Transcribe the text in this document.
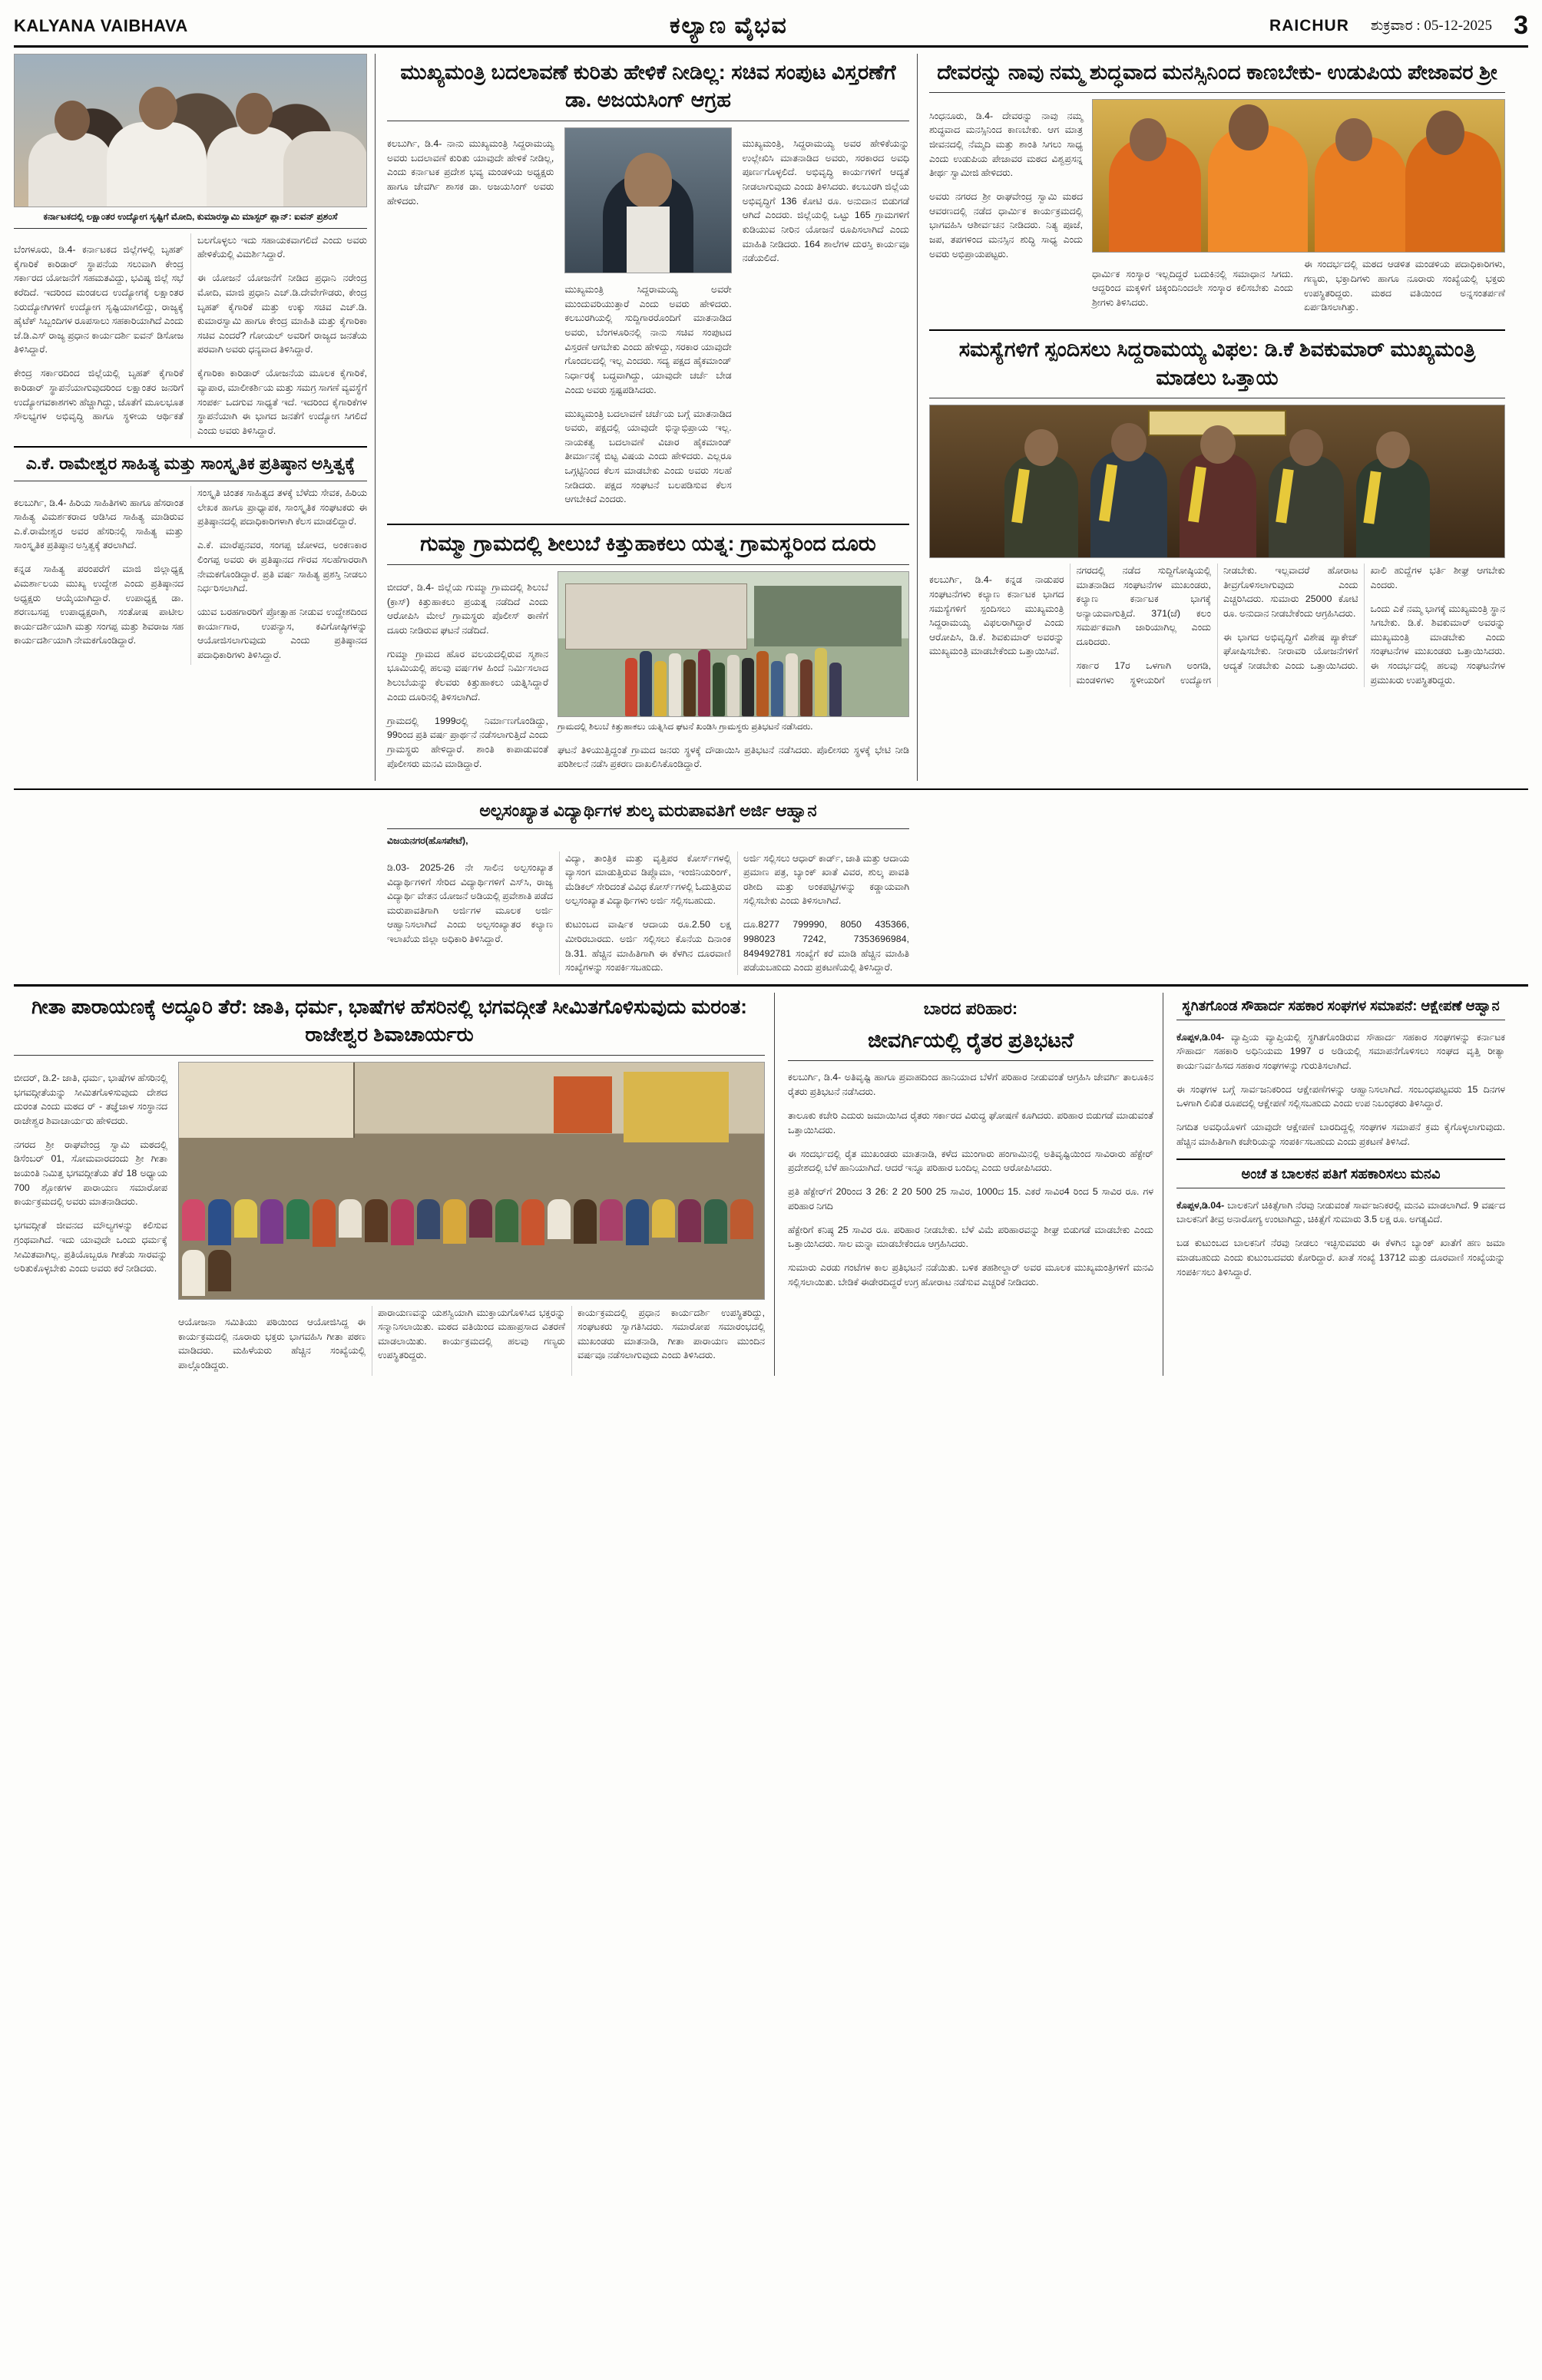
KALYANA VAIBHAVA	ಕಲ್ಯಾಣ ವೈಭವ	RAICHUR ಶುಕ್ರವಾರ : 05-12-2025 3
ಕರ್ನಾಟಕದಲ್ಲಿ ಲಕ್ಷಾಂತರ ಉದ್ಯೋಗ ಸೃಷ್ಟಿಗೆ ಮೋದಿ, ಕುಮಾರಸ್ವಾಮಿ ಮಾಸ್ಟರ್ ಪ್ಲಾನ್: ಐವನ್ ಪ್ರಶಂಸೆ

ಬೆಂಗಳೂರು, ಡಿ.4- ಕರ್ನಾಟಕದ ಜಿಲ್ಲೆಗಳಲ್ಲಿ ಬೃಹತ್ ಕೈಗಾರಿಕೆ ಕಾರಿಡಾರ್ ಸ್ಥಾಪನೆಯ ಸಲುವಾಗಿ ಕೇಂದ್ರ ಸರ್ಕಾರದ ಯೋಜನೆಗೆ ಸಹಮತವಿದ್ದು, ಭವಿಷ್ಯ ಜಿಲ್ಲೆ ಸಭೆ ಕರೆದಿದೆ. ಇದರಿಂದ ಮಂಡಲದ ಉದ್ಯೋಗಕ್ಕೆ ಲಕ್ಷಾಂತರ ನಿರುದ್ಯೋಗಿಗಳಿಗೆ ಉದ್ಯೋಗ ಸೃಷ್ಟಿಯಾಗಲಿದ್ದು, ರಾಜ್ಯಕ್ಕೆ ಹೈಟೆಕ್ ಸಿಬ್ಬಂದಿಗಳ ರೂಪಸಾಲು ಸಹಕಾರಿಯಾಗಿದೆ ಎಂದು ಜೆ.ಡಿ.ಎಸ್ ರಾಜ್ಯ ಪ್ರಧಾನ ಕಾರ್ಯದರ್ಶಿ ಐವನ್ ಡಿಸೋಜ ತಿಳಿಸಿದ್ದಾರೆ.

ಕೇಂದ್ರ ಸರ್ಕಾರದಿಂದ ಜಿಲ್ಲೆಯಲ್ಲಿ ಬೃಹತ್ ಕೈಗಾರಿಕೆ ಕಾರಿಡಾರ್ ಸ್ಥಾಪನೆಯಾಗುವುದರಿಂದ ಲಕ್ಷಾಂತರ ಜನರಿಗೆ ಉದ್ಯೋಗವಕಾಶಗಳು ಹೆಚ್ಚಾಗಿದ್ದು, ಜೊತೆಗೆ ಮೂಲಭೂತ ಸೌಲಭ್ಯಗಳ ಅಭಿವೃದ್ಧಿ ಹಾಗೂ ಸ್ಥಳೀಯ ಆರ್ಥಿಕತೆ ಬಲಗೊಳ್ಳಲು ಇದು ಸಹಾಯಕವಾಗಲಿದೆ ಎಂದು ಅವರು ಹೇಳಿಕೆಯಲ್ಲಿ ವಿಮರ್ಶಿಸಿದ್ದಾರೆ.

ಈ ಯೋಜನೆ ಯೋಜನೆಗೆ ನೀಡಿದ ಪ್ರಧಾನಿ ನರೇಂದ್ರ ಮೋದಿ, ಮಾಜಿ ಪ್ರಧಾನಿ ಎಚ್.ಡಿ.ದೇವೇಗೌಡರು, ಕೇಂದ್ರ ಬೃಹತ್ ಕೈಗಾರಿಕೆ ಮತ್ತು ಉಕ್ಕು ಸಚಿವ ಎಚ್.ಡಿ. ಕುಮಾರಸ್ವಾಮಿ ಹಾಗೂ ಕೇಂದ್ರ ಮಾಹಿತಿ ಮತ್ತು ಕೈಗಾರಿಕಾ ಸಚಿವ ಎಂದರೆ? ಗೋಯಲ್ ಅವರಿಗೆ ರಾಜ್ಯದ ಜನತೆಯ ಪರವಾಗಿ ಅವರು ಧನ್ಯವಾದ ತಿಳಿಸಿದ್ದಾರೆ.

ಕೈಗಾರಿಕಾ ಕಾರಿಡಾರ್ ಯೋಜನೆಯ ಮೂಲಕ ಕೈಗಾರಿಕೆ, ವ್ಯಾಪಾರ, ಮಾಲೀಕರ್ಶಿಯ ಮತ್ತು ಸಮಗ್ರ ಸಾಗಣೆ ವ್ಯವಸ್ಥೆಗೆ ಸಂಪರ್ಕ ಒದಗುವ ಸಾಧ್ಯತೆ ಇದೆ. ಇದರಿಂದ ಕೈಗಾರಿಕೆಗಳ ಸ್ಥಾಪನೆಯಾಗಿ ಈ ಭಾಗದ ಜನತೆಗೆ ಉದ್ಯೋಗ ಸಿಗಲಿದೆ ಎಂದು ಅವರು ತಿಳಿಸಿದ್ದಾರೆ.

ಎ.ಕೆ. ರಾಮೇಶ್ವರ ಸಾಹಿತ್ಯ ಮತ್ತು ಸಾಂಸ್ಕೃತಿಕ ಪ್ರತಿಷ್ಠಾನ ಅಸ್ತಿತ್ವಕ್ಕೆ

ಕಲಬುರ್ಗಿ, ಡಿ.4- ಹಿರಿಯ ಸಾಹಿತಿಗಳು ಹಾಗೂ ಹೆಸರಾಂತ ಸಾಹಿತ್ಯ ವಿಮರ್ಶಕರಾದ ಆಡಿಸಿದ ಸಾಹಿತ್ಯ ಮಾಡಿರುವ ಎ.ಕೆ.ರಾಮೇಶ್ವರ ಅವರ ಹೆಸರಿನಲ್ಲಿ ಸಾಹಿತ್ಯ ಮತ್ತು ಸಾಂಸ್ಕೃತಿಕ ಪ್ರತಿಷ್ಠಾನ ಅಸ್ತಿತ್ವಕ್ಕೆ ತರಲಾಗಿದೆ.

ಕನ್ನಡ ಸಾಹಿತ್ಯ ಪರಂಪರೆಗೆ ಮಾಜಿ ಜಿಲ್ಲಾಧ್ಯಕ್ಷ ವಿಮರ್ಶಾಲಯ ಮುಖ್ಯ ಉದ್ದೇಶ ಎಂದು ಪ್ರತಿಷ್ಠಾನದ ಅಧ್ಯಕ್ಷರು ಆಯ್ಕೆಯಾಗಿದ್ದಾರೆ. ಉಪಾಧ್ಯಕ್ಷ ಡಾ. ಶರಣಬಸಪ್ಪ ಉಪಾಧ್ಯಕ್ಷರಾಗಿ, ಸಂತೋಷ ಪಾಟೀಲ ಕಾರ್ಯದರ್ಶಿಯಾಗಿ ಮತ್ತು ಸಂಗಪ್ಪ ಮತ್ತು ಶಿವರಾಜ ಸಹ ಕಾರ್ಯದರ್ಶಿಯಾಗಿ ನೇಮಕಗೊಂಡಿದ್ದಾರೆ.

ಸಂಸ್ಕೃತಿ ಚಿಂತಕ ಸಾಹಿತ್ಯದ ತಳಕ್ಕೆ ಬೆಳೆದು ಸೇವಕ, ಹಿರಿಯ ಲೇಖಕ ಹಾಗೂ ಪ್ರಾಧ್ಯಾಪಕ, ಸಾಂಸ್ಕೃತಿಕ ಸಂಘಟಕರು ಈ ಪ್ರತಿಷ್ಠಾನದಲ್ಲಿ ಪದಾಧಿಕಾರಿಗಳಾಗಿ ಕೆಲಸ ಮಾಡಲಿದ್ದಾರೆ.

ಎ.ಕೆ. ಮಾರೆಪ್ಪನವರ, ಸಂಗಪ್ಪ ಜೋಳದ, ಅಂಕಣಕಾರ ಲಿಂಗಪ್ಪ ಅವರು ಈ ಪ್ರತಿಷ್ಠಾನದ ಗೌರವ ಸಲಹೆಗಾರರಾಗಿ ನೇಮಕಗೊಂಡಿದ್ದಾರೆ. ಪ್ರತಿ ವರ್ಷ ಸಾಹಿತ್ಯ ಪ್ರಶಸ್ತಿ ನೀಡಲು ನಿರ್ಧರಿಸಲಾಗಿದೆ.

ಯುವ ಬರಹಗಾರರಿಗೆ ಪ್ರೋತ್ಸಾಹ ನೀಡುವ ಉದ್ದೇಶದಿಂದ ಕಾರ್ಯಾಗಾರ, ಉಪನ್ಯಾಸ, ಕವಿಗೋಷ್ಠಿಗಳನ್ನು ಆಯೋಜಿಸಲಾಗುವುದು ಎಂದು ಪ್ರತಿಷ್ಠಾನದ ಪದಾಧಿಕಾರಿಗಳು ತಿಳಿಸಿದ್ದಾರೆ.

ಮುಖ್ಯಮಂತ್ರಿ ಬದಲಾವಣೆ ಕುರಿತು ಹೇಳಿಕೆ ನೀಡಿಲ್ಲ: ಸಚಿವ ಸಂಪುಟ ವಿಸ್ತರಣೆಗೆ ಡಾ. ಅಜಯಸಿಂಗ್ ಆಗ್ರಹ

ಕಲಬುರ್ಗಿ, ಡಿ.4- ನಾನು ಮುಖ್ಯಮಂತ್ರಿ ಸಿದ್ದರಾಮಯ್ಯ ಅವರು ಬದಲಾವಣೆ ಕುರಿತು ಯಾವುದೇ ಹೇಳಿಕೆ ನೀಡಿಲ್ಲ, ಎಂದು ಕರ್ನಾಟಕ ಪ್ರದೇಶ ಭವ್ಯ ಮಂಡಳಿಯ ಅಧ್ಯಕ್ಷರು ಹಾಗೂ ಜೇವರ್ಗಿ ಶಾಸಕ ಡಾ. ಅಜಯಸಿಂಗ್ ಅವರು ಹೇಳಿದರು.

ಮುಖ್ಯಮಂತ್ರಿ ಸಿದ್ದರಾಮಯ್ಯ ಅವರೇ ಮುಂದುವರಿಯುತ್ತಾರೆ ಎಂದು ಅವರು ಹೇಳಿದರು. ಕಲಬುರಗಿಯಲ್ಲಿ ಸುದ್ದಿಗಾರರೊಂದಿಗೆ ಮಾತನಾಡಿದ ಅವರು, ಬೆಂಗಳೂರಿನಲ್ಲಿ ನಾನು ಸಚಿವ ಸಂಪುಟದ ವಿಸ್ತರಣೆ ಆಗಬೇಕು ಎಂದು ಹೇಳಿದ್ದು, ಸರಕಾರ ಯಾವುದೇ ಗೊಂದಲದಲ್ಲಿ ಇಲ್ಲ ಎಂದರು. ಸದ್ಯ ಪಕ್ಷದ ಹೈಕಮಾಂಡ್ ನಿರ್ಧಾರಕ್ಕೆ ಬದ್ಧವಾಗಿದ್ದು, ಯಾವುದೇ ಚರ್ಚೆ ಬೇಡ ಎಂದು ಅವರು ಸ್ಪಷ್ಟಪಡಿಸಿದರು.

ಮುಖ್ಯಮಂತ್ರಿ ಬದಲಾವಣೆ ಚರ್ಚೆಯ ಬಗ್ಗೆ ಮಾತನಾಡಿದ ಅವರು, ಪಕ್ಷದಲ್ಲಿ ಯಾವುದೇ ಭಿನ್ನಾಭಿಪ್ರಾಯ ಇಲ್ಲ. ನಾಯಕತ್ವ ಬದಲಾವಣೆ ವಿಚಾರ ಹೈಕಮಾಂಡ್ ತೀರ್ಮಾನಕ್ಕೆ ಬಿಟ್ಟ ವಿಷಯ ಎಂದು ಹೇಳಿದರು. ಎಲ್ಲರೂ ಒಗ್ಗಟ್ಟಿನಿಂದ ಕೆಲಸ ಮಾಡಬೇಕು ಎಂದು ಅವರು ಸಲಹೆ ನೀಡಿದರು. ಪಕ್ಷದ ಸಂಘಟನೆ ಬಲಪಡಿಸುವ ಕೆಲಸ ಆಗಬೇಕಿದೆ ಎಂದರು.

ಮುಖ್ಯಮಂತ್ರಿ, ಸಿದ್ದರಾಮಯ್ಯ ಅವರ ಹೇಳಿಕೆಯನ್ನು ಉಲ್ಲೇಖಿಸಿ ಮಾತನಾಡಿದ ಅವರು, ಸರಕಾರದ ಅವಧಿ ಪೂರ್ಣಗೊಳ್ಳಲಿದೆ. ಅಭಿವೃದ್ಧಿ ಕಾರ್ಯಗಳಿಗೆ ಆದ್ಯತೆ ನೀಡಲಾಗುವುದು ಎಂದು ತಿಳಿಸಿದರು. ಕಲಬುರಗಿ ಜಿಲ್ಲೆಯ ಅಭಿವೃದ್ಧಿಗೆ 136 ಕೋಟಿ ರೂ. ಅನುದಾನ ಬಿಡುಗಡೆ ಆಗಿದೆ ಎಂದರು. ಜಿಲ್ಲೆಯಲ್ಲಿ ಒಟ್ಟು 165 ಗ್ರಾಮಗಳಿಗೆ ಕುಡಿಯುವ ನೀರಿನ ಯೋಜನೆ ರೂಪಿಸಲಾಗಿದೆ ಎಂದು ಮಾಹಿತಿ ನೀಡಿದರು. 164 ಶಾಲೆಗಳ ದುರಸ್ತಿ ಕಾರ್ಯವೂ ನಡೆಯಲಿದೆ.

ಗುಮ್ಮಾ ಗ್ರಾಮದಲ್ಲಿ ಶೀಲುಬೆ ಕಿತ್ತುಹಾಕಲು ಯತ್ನ: ಗ್ರಾಮಸ್ಥರಿಂದ ದೂರು

ಬೀದರ್, ಡಿ.4- ಜಿಲ್ಲೆಯ ಗುಮ್ಮಾ ಗ್ರಾಮದಲ್ಲಿ ಶಿಲುಬೆ (ಕ್ರಾಸ್) ಕಿತ್ತುಹಾಕಲು ಪ್ರಯತ್ನ ನಡೆದಿದೆ ಎಂದು ಆರೋಪಿಸಿ ಮೇಲೆ ಗ್ರಾಮಸ್ಥರು ಪೊಲೀಸ್ ಠಾಣೆಗೆ ದೂರು ನೀಡಿರುವ ಘಟನೆ ನಡೆದಿದೆ.

ಗುಮ್ಮಾ ಗ್ರಾಮದ ಹೊರ ವಲಯದಲ್ಲಿರುವ ಸ್ಮಶಾನ ಭೂಮಿಯಲ್ಲಿ ಹಲವು ವರ್ಷಗಳ ಹಿಂದೆ ನಿರ್ಮಿಸಲಾದ ಶಿಲುಬೆಯನ್ನು ಕೆಲವರು ಕಿತ್ತುಹಾಕಲು ಯತ್ನಿಸಿದ್ದಾರೆ ಎಂದು ದೂರಿನಲ್ಲಿ ತಿಳಿಸಲಾಗಿದೆ.

ಗ್ರಾಮದಲ್ಲಿ 1999ರಲ್ಲಿ ನಿರ್ಮಾಣಗೊಂಡಿದ್ದು, 99ರಿಂದ ಪ್ರತಿ ವರ್ಷ ಪ್ರಾರ್ಥನೆ ನಡೆಸಲಾಗುತ್ತಿದೆ ಎಂದು ಗ್ರಾಮಸ್ಥರು ಹೇಳಿದ್ದಾರೆ. ಶಾಂತಿ ಕಾಪಾಡುವಂತೆ ಪೊಲೀಸರು ಮನವಿ ಮಾಡಿದ್ದಾರೆ.

ಗ್ರಾಮದಲ್ಲಿ ಶಿಲುಬೆ ಕಿತ್ತುಹಾಕಲು ಯತ್ನಿಸಿದ ಘಟನೆ ಖಂಡಿಸಿ ಗ್ರಾಮಸ್ಥರು ಪ್ರತಿಭಟನೆ ನಡೆಸಿದರು.

ಘಟನೆ ತಿಳಿಯುತ್ತಿದ್ದಂತೆ ಗ್ರಾಮದ ಜನರು ಸ್ಥಳಕ್ಕೆ ದೌಡಾಯಿಸಿ ಪ್ರತಿಭಟನೆ ನಡೆಸಿದರು. ಪೊಲೀಸರು ಸ್ಥಳಕ್ಕೆ ಭೇಟಿ ನೀಡಿ ಪರಿಶೀಲನೆ ನಡೆಸಿ ಪ್ರಕರಣ ದಾಖಲಿಸಿಕೊಂಡಿದ್ದಾರೆ.

ದೇವರನ್ನು ನಾವು ನಮ್ಮ ಶುದ್ಧವಾದ ಮನಸ್ಸಿನಿಂದ ಕಾಣಬೇಕು- ಉಡುಪಿಯ ಪೇಜಾವರ ಶ್ರೀ

ಸಿಂಧನೂರು, ಡಿ.4- ದೇವರನ್ನು ನಾವು ನಮ್ಮ ಶುದ್ಧವಾದ ಮನಸ್ಸಿನಿಂದ ಕಾಣಬೇಕು. ಆಗ ಮಾತ್ರ ಜೀವನದಲ್ಲಿ ನೆಮ್ಮದಿ ಮತ್ತು ಶಾಂತಿ ಸಿಗಲು ಸಾಧ್ಯ ಎಂದು ಉಡುಪಿಯ ಪೇಜಾವರ ಮಠದ ವಿಶ್ವಪ್ರಸನ್ನ ತೀರ್ಥ ಸ್ವಾಮೀಜಿ ಹೇಳಿದರು.

ಅವರು ನಗರದ ಶ್ರೀ ರಾಘವೇಂದ್ರ ಸ್ವಾಮಿ ಮಠದ ಆವರಣದಲ್ಲಿ ನಡೆದ ಧಾರ್ಮಿಕ ಕಾರ್ಯಕ್ರಮದಲ್ಲಿ ಭಾಗವಹಿಸಿ ಆಶೀರ್ವಚನ ನೀಡಿದರು. ನಿತ್ಯ ಪೂಜೆ, ಜಪ, ತಪಗಳಿಂದ ಮನಸ್ಸಿನ ಶುದ್ಧಿ ಸಾಧ್ಯ ಎಂದು ಅವರು ಅಭಿಪ್ರಾಯಪಟ್ಟರು.

ಧಾರ್ಮಿಕ ಸಂಸ್ಕಾರ ಇಲ್ಲದಿದ್ದರೆ ಬದುಕಿನಲ್ಲಿ ಸಮಾಧಾನ ಸಿಗದು. ಆದ್ದರಿಂದ ಮಕ್ಕಳಿಗೆ ಚಿಕ್ಕಂದಿನಿಂದಲೇ ಸಂಸ್ಕಾರ ಕಲಿಸಬೇಕು ಎಂದು ಶ್ರೀಗಳು ತಿಳಿಸಿದರು.

ಈ ಸಂದರ್ಭದಲ್ಲಿ ಮಠದ ಆಡಳಿತ ಮಂಡಳಿಯ ಪದಾಧಿಕಾರಿಗಳು, ಗಣ್ಯರು, ಭಕ್ತಾದಿಗಳು ಹಾಗೂ ನೂರಾರು ಸಂಖ್ಯೆಯಲ್ಲಿ ಭಕ್ತರು ಉಪಸ್ಥಿತರಿದ್ದರು. ಮಠದ ವತಿಯಿಂದ ಅನ್ನಸಂತರ್ಪಣೆ ಏರ್ಪಡಿಸಲಾಗಿತ್ತು.

ಸಮಸ್ಯೆಗಳಿಗೆ ಸ್ಪಂದಿಸಲು ಸಿದ್ದರಾಮಯ್ಯ ವಿಫಲ: ಡಿ.ಕೆ ಶಿವಕುಮಾರ್ ಮುಖ್ಯಮಂತ್ರಿ ಮಾಡಲು ಒತ್ತಾಯ

ಕಲಬುರ್ಗಿ, ಡಿ.4- ಕನ್ನಡ ನಾಡುಪರ ಸಂಘಟನೆಗಳು ಕಲ್ಯಾಣ ಕರ್ನಾಟಕ ಭಾಗದ ಸಮಸ್ಯೆಗಳಿಗೆ ಸ್ಪಂದಿಸಲು ಮುಖ್ಯಮಂತ್ರಿ ಸಿದ್ದರಾಮಯ್ಯ ವಿಫಲರಾಗಿದ್ದಾರೆ ಎಂದು ಆರೋಪಿಸಿ, ಡಿ.ಕೆ. ಶಿವಕುಮಾರ್ ಅವರನ್ನು ಮುಖ್ಯಮಂತ್ರಿ ಮಾಡಬೇಕೆಂದು ಒತ್ತಾಯಿಸಿವೆ.

ನಗರದಲ್ಲಿ ನಡೆದ ಸುದ್ದಿಗೋಷ್ಠಿಯಲ್ಲಿ ಮಾತನಾಡಿದ ಸಂಘಟನೆಗಳ ಮುಖಂಡರು, ಕಲ್ಯಾಣ ಕರ್ನಾಟಕ ಭಾಗಕ್ಕೆ ಅನ್ಯಾಯವಾಗುತ್ತಿದೆ. 371(ಜೆ) ಕಲಂ ಸಮರ್ಪಕವಾಗಿ ಜಾರಿಯಾಗಿಲ್ಲ ಎಂದು ದೂರಿದರು.

ಸರ್ಕಾರ 17ರ ಒಳಗಾಗಿ ಅಂಗಡಿ, ಮಂಡಳಿಗಳು ಸ್ಥಳೀಯರಿಗೆ ಉದ್ಯೋಗ ನೀಡಬೇಕು. ಇಲ್ಲವಾದರೆ ಹೋರಾಟ ತೀವ್ರಗೊಳಿಸಲಾಗುವುದು ಎಂದು ಎಚ್ಚರಿಸಿದರು. ಸುಮಾರು 25000 ಕೋಟಿ ರೂ. ಅನುದಾನ ನೀಡಬೇಕೆಂದು ಆಗ್ರಹಿಸಿದರು.

ಈ ಭಾಗದ ಅಭಿವೃದ್ಧಿಗೆ ವಿಶೇಷ ಪ್ಯಾಕೇಜ್ ಘೋಷಿಸಬೇಕು. ನೀರಾವರಿ ಯೋಜನೆಗಳಿಗೆ ಆದ್ಯತೆ ನೀಡಬೇಕು ಎಂದು ಒತ್ತಾಯಿಸಿದರು. ಖಾಲಿ ಹುದ್ದೆಗಳ ಭರ್ತಿ ಶೀಘ್ರ ಆಗಬೇಕು ಎಂದರು.

ಒಂದು ಎಕೆ ನಮ್ಮ ಭಾಗಕ್ಕೆ ಮುಖ್ಯಮಂತ್ರಿ ಸ್ಥಾನ ಸಿಗಬೇಕು. ಡಿ.ಕೆ. ಶಿವಕುಮಾರ್ ಅವರನ್ನು ಮುಖ್ಯಮಂತ್ರಿ ಮಾಡಬೇಕು ಎಂದು ಸಂಘಟನೆಗಳ ಮುಖಂಡರು ಒತ್ತಾಯಿಸಿದರು. ಈ ಸಂದರ್ಭದಲ್ಲಿ ಹಲವು ಸಂಘಟನೆಗಳ ಪ್ರಮುಖರು ಉಪಸ್ಥಿತರಿದ್ದರು.

ಅಲ್ಪಸಂಖ್ಯಾತ ವಿದ್ಯಾರ್ಥಿಗಳ ಶುಲ್ಕ ಮರುಪಾವತಿಗೆ ಅರ್ಜಿ ಆಹ್ವಾನ
ವಿಜಯನಗರ(ಹೊಸಪೇಟೆ),

ಡಿ.03- 2025-26 ನೇ ಸಾಲಿನ ಅಲ್ಪಸಂಖ್ಯಾತ ವಿದ್ಯಾರ್ಥಿಗಳಿಗೆ ಸೇರಿದ ವಿದ್ಯಾರ್ಥಿಗಳಿಗೆ ಎಸ್‌ಸಿ, ರಾಜ್ಯ ವಿದ್ಯಾರ್ಥಿ ವೇತನ ಯೋಜನೆ ಅಡಿಯಲ್ಲಿ ಪ್ರವೇಶಾತಿ ಪಡೆದ ಮರುಪಾವತಿಗಾಗಿ ಅರ್ಜಿಗಳ ಮೂಲಕ ಅರ್ಜಿ ಆಹ್ವಾನಿಸಲಾಗಿದೆ ಎಂದು ಅಲ್ಪಸಂಖ್ಯಾತರ ಕಲ್ಯಾಣ ಇಲಾಖೆಯ ಜಿಲ್ಲಾ ಅಧಿಕಾರಿ ತಿಳಿಸಿದ್ದಾರೆ.

ವಿದ್ಯಾ, ತಾಂತ್ರಿಕ ಮತ್ತು ವೃತ್ತಿಪರ ಕೋರ್ಸ್‌ಗಳಲ್ಲಿ ವ್ಯಾಸಂಗ ಮಾಡುತ್ತಿರುವ ಡಿಪ್ಲೊಮಾ, ಇಂಜಿನಿಯರಿಂಗ್, ಮೆಡಿಕಲ್ ಸೇರಿದಂತೆ ವಿವಿಧ ಕೋರ್ಸ್‌ಗಳಲ್ಲಿ ಓದುತ್ತಿರುವ ಅಲ್ಪಸಂಖ್ಯಾತ ವಿದ್ಯಾರ್ಥಿಗಳು ಅರ್ಜಿ ಸಲ್ಲಿಸಬಹುದು.

ಕುಟುಂಬದ ವಾರ್ಷಿಕ ಆದಾಯ ರೂ.2.50 ಲಕ್ಷ ಮೀರಿರಬಾರದು. ಅರ್ಜಿ ಸಲ್ಲಿಸಲು ಕೊನೆಯ ದಿನಾಂಕ ಡಿ.31. ಹೆಚ್ಚಿನ ಮಾಹಿತಿಗಾಗಿ ಈ ಕೆಳಗಿನ ದೂರವಾಣಿ ಸಂಖ್ಯೆಗಳನ್ನು ಸಂಪರ್ಕಿಸಬಹುದು.

ಅರ್ಜಿ ಸಲ್ಲಿಸಲು ಆಧಾರ್ ಕಾರ್ಡ್, ಜಾತಿ ಮತ್ತು ಆದಾಯ ಪ್ರಮಾಣ ಪತ್ರ, ಬ್ಯಾಂಕ್ ಖಾತೆ ವಿವರ, ಶುಲ್ಕ ಪಾವತಿ ರಶೀದಿ ಮತ್ತು ಅಂಕಪಟ್ಟಿಗಳನ್ನು ಕಡ್ಡಾಯವಾಗಿ ಸಲ್ಲಿಸಬೇಕು ಎಂದು ತಿಳಿಸಲಾಗಿದೆ.

ದೂ.8277 799990, 8050 435366, 998023 7242, 7353696984, 849492781 ಸಂಖ್ಯೆಗೆ ಕರೆ ಮಾಡಿ ಹೆಚ್ಚಿನ ಮಾಹಿತಿ ಪಡೆಯಬಹುದು ಎಂದು ಪ್ರಕಟಣೆಯಲ್ಲಿ ತಿಳಿಸಿದ್ದಾರೆ.

ಗೀತಾ ಪಾರಾಯಣಕ್ಕೆ ಅದ್ಧೂರಿ ತೆರೆ: ಜಾತಿ, ಧರ್ಮ, ಭಾಷೆಗಳ ಹೆಸರಿನಲ್ಲಿ ಭಗವದ್ಗೀತೆ ಸೀಮಿತಗೊಳಿಸುವುದು ಮರಂತ: ರಾಜೇಶ್ವರ ಶಿವಾಚಾರ್ಯರು

ಬೀದರ್, ಡಿ.2- ಜಾತಿ, ಧರ್ಮ, ಭಾಷೆಗಳ ಹೆಸರಿನಲ್ಲಿ ಭಗವದ್ಗೀತೆಯನ್ನು ಸೀಮಿತಗೊಳಿಸುವುದು ದೇಶದ ದುರಂತ ಎಂದು ಮಠದ ರ್ - ತಜ್ಞೆಜಾಳ ಸಂಸ್ಥಾನದ ರಾಜೇಶ್ವರ ಶಿವಾಚಾರ್ಯರು ಹೇಳಿದರು.

ನಗರದ ಶ್ರೀ ರಾಘವೇಂದ್ರ ಸ್ವಾಮಿ ಮಠದಲ್ಲಿ ಡಿಸೆಂಬರ್ 01, ಸೋಮವಾರದಂದು ಶ್ರೀ ಗೀತಾ ಜಯಂತಿ ನಿಮಿತ್ತ ಭಗವದ್ಗೀತೆಯ ತೆರೆ 18 ಅಧ್ಯಾಯ 700 ಶ್ಲೋಕಗಳ ಪಾರಾಯಣ ಸಮಾರೋಪ ಕಾರ್ಯಕ್ರಮದಲ್ಲಿ ಅವರು ಮಾತನಾಡಿದರು.

ಭಗವದ್ಗೀತೆ ಜೀವನದ ಮೌಲ್ಯಗಳನ್ನು ಕಲಿಸುವ ಗ್ರಂಥವಾಗಿದೆ. ಇದು ಯಾವುದೇ ಒಂದು ಧರ್ಮಕ್ಕೆ ಸೀಮಿತವಾಗಿಲ್ಲ. ಪ್ರತಿಯೊಬ್ಬರೂ ಗೀತೆಯ ಸಾರವನ್ನು ಅರಿತುಕೊಳ್ಳಬೇಕು ಎಂದು ಅವರು ಕರೆ ನೀಡಿದರು.

ಆಯೋಜನಾ ಸಮಿತಿಯು ಪಠಿಯಿಂದ ಆಯೋಜಿಸಿದ್ದ ಈ ಕಾರ್ಯಕ್ರಮದಲ್ಲಿ ನೂರಾರು ಭಕ್ತರು ಭಾಗವಹಿಸಿ ಗೀತಾ ಪಠಣ ಮಾಡಿದರು. ಮಹಿಳೆಯರು ಹೆಚ್ಚಿನ ಸಂಖ್ಯೆಯಲ್ಲಿ ಪಾಲ್ಗೊಂಡಿದ್ದರು.

ಪಾರಾಯಣವನ್ನು ಯಶಸ್ವಿಯಾಗಿ ಮುಕ್ತಾಯಗೊಳಿಸಿದ ಭಕ್ತರನ್ನು ಸನ್ಮಾನಿಸಲಾಯಿತು. ಮಠದ ವತಿಯಿಂದ ಮಹಾಪ್ರಸಾದ ವಿತರಣೆ ಮಾಡಲಾಯಿತು. ಕಾರ್ಯಕ್ರಮದಲ್ಲಿ ಹಲವು ಗಣ್ಯರು ಉಪಸ್ಥಿತರಿದ್ದರು.

ಕಾರ್ಯಕ್ರಮದಲ್ಲಿ ಪ್ರಧಾನ ಕಾರ್ಯದರ್ಶಿ ಉಪಸ್ಥಿತರಿದ್ದು, ಸಂಘಟಕರು ಸ್ವಾಗತಿಸಿದರು. ಸಮಾರೋಪ ಸಮಾರಂಭದಲ್ಲಿ ಮುಖಂಡರು ಮಾತನಾಡಿ, ಗೀತಾ ಪಾರಾಯಣ ಮುಂದಿನ ವರ್ಷವೂ ನಡೆಸಲಾಗುವುದು ಎಂದು ತಿಳಿಸಿದರು.

ಬಾರದ ಪರಿಹಾರ:
ಜೀವರ್ಗಿಯಲ್ಲಿ ರೈತರ ಪ್ರತಿಭಟನೆ

ಕಲಬುರ್ಗಿ, ಡಿ.4- ಅತಿವೃಷ್ಟಿ ಹಾಗೂ ಪ್ರವಾಹದಿಂದ ಹಾನಿಯಾದ ಬೆಳೆಗೆ ಪರಿಹಾರ ನೀಡುವಂತೆ ಆಗ್ರಹಿಸಿ ಜೇವರ್ಗಿ ತಾಲೂಕಿನ ರೈತರು ಪ್ರತಿಭಟನೆ ನಡೆಸಿದರು.

ತಾಲೂಕು ಕಚೇರಿ ಎದುರು ಜಮಾಯಿಸಿದ ರೈತರು ಸರ್ಕಾರದ ವಿರುದ್ಧ ಘೋಷಣೆ ಕೂಗಿದರು. ಪರಿಹಾರ ಬಿಡುಗಡೆ ಮಾಡುವಂತೆ ಒತ್ತಾಯಿಸಿದರು.

ಈ ಸಂದರ್ಭದಲ್ಲಿ ರೈತ ಮುಖಂಡರು ಮಾತನಾಡಿ, ಕಳೆದ ಮುಂಗಾರು ಹಂಗಾಮಿನಲ್ಲಿ ಅತಿವೃಷ್ಟಿಯಿಂದ ಸಾವಿರಾರು ಹೆಕ್ಟೇರ್ ಪ್ರದೇಶದಲ್ಲಿ ಬೆಳೆ ಹಾನಿಯಾಗಿದೆ. ಆದರೆ ಇನ್ನೂ ಪರಿಹಾರ ಬಂದಿಲ್ಲ ಎಂದು ಆರೋಪಿಸಿದರು.

ಪ್ರತಿ ಹೆಕ್ಟೇರ್‌ಗೆ 20ರಿಂದ 3 26: 2 20 500 25 ಸಾವಿರ, 1000ದ 15. ಎಕರೆ ಸಾವಿರ4 ರಿಂದ 5 ಸಾವಿರ ರೂ. ಗಳ ಪರಿಹಾರ ನಿಗದಿ

ಹೆಕ್ಟೇರಿಗೆ ಕನಿಷ್ಠ 25 ಸಾವಿರ ರೂ. ಪರಿಹಾರ ನೀಡಬೇಕು. ಬೆಳೆ ವಿಮೆ ಪರಿಹಾರವನ್ನು ಶೀಘ್ರ ಬಿಡುಗಡೆ ಮಾಡಬೇಕು ಎಂದು ಒತ್ತಾಯಿಸಿದರು. ಸಾಲ ಮನ್ನಾ ಮಾಡಬೇಕೆಂದೂ ಆಗ್ರಹಿಸಿದರು.

ಸುಮಾರು ಎರಡು ಗಂಟೆಗಳ ಕಾಲ ಪ್ರತಿಭಟನೆ ನಡೆಯಿತು. ಬಳಿಕ ತಹಶೀಲ್ದಾರ್ ಅವರ ಮೂಲಕ ಮುಖ್ಯಮಂತ್ರಿಗಳಿಗೆ ಮನವಿ ಸಲ್ಲಿಸಲಾಯಿತು. ಬೇಡಿಕೆ ಈಡೇರದಿದ್ದರೆ ಉಗ್ರ ಹೋರಾಟ ನಡೆಸುವ ಎಚ್ಚರಿಕೆ ನೀಡಿದರು.

ಸ್ಥಗಿತಗೊಂಡ ಸೌಹಾರ್ದ ಸಹಕಾರ ಸಂಘಗಳ ಸಮಾಪನೆ: ಆಕ್ಷೇಪಣೆ ಆಹ್ವಾನ

ಕೊಪ್ಪಳ,ಡಿ.04- ವ್ಯಾಪ್ತಿಯ ವ್ಯಾಪ್ತಿಯಲ್ಲಿ ಸ್ಥಗಿತಗೊಂಡಿರುವ ಸೌಹಾರ್ದ ಸಹಕಾರ ಸಂಘಗಳನ್ನು ಕರ್ನಾಟಕ ಸೌಹಾರ್ದ ಸಹಕಾರಿ ಅಧಿನಿಯಮ 1997 ರ ಅಡಿಯಲ್ಲಿ ಸಮಾಪನೆಗೊಳಿಸಲು ಸಂಘದ ವೃತ್ತಿ ರೀತ್ಯಾ ಕಾರ್ಯನಿರ್ವಹಿಸದ ಸಹಕಾರ ಸಂಘಗಳನ್ನು ಗುರುತಿಸಲಾಗಿದೆ.

ಈ ಸಂಘಗಳ ಬಗ್ಗೆ ಸಾರ್ವಜನಿಕರಿಂದ ಆಕ್ಷೇಪಣೆಗಳನ್ನು ಆಹ್ವಾನಿಸಲಾಗಿದೆ. ಸಂಬಂಧಪಟ್ಟವರು 15 ದಿನಗಳ ಒಳಗಾಗಿ ಲಿಖಿತ ರೂಪದಲ್ಲಿ ಆಕ್ಷೇಪಣೆ ಸಲ್ಲಿಸಬಹುದು ಎಂದು ಉಪ ನಿಬಂಧಕರು ತಿಳಿಸಿದ್ದಾರೆ.

ನಿಗದಿತ ಅವಧಿಯೊಳಗೆ ಯಾವುದೇ ಆಕ್ಷೇಪಣೆ ಬಾರದಿದ್ದಲ್ಲಿ ಸಂಘಗಳ ಸಮಾಪನೆ ಕ್ರಮ ಕೈಗೊಳ್ಳಲಾಗುವುದು. ಹೆಚ್ಚಿನ ಮಾಹಿತಿಗಾಗಿ ಕಚೇರಿಯನ್ನು ಸಂಪರ್ಕಿಸಬಹುದು ಎಂದು ಪ್ರಕಟಣೆ ತಿಳಿಸಿದೆ.

ಅಂಚೆ ತ ಬಾಲಕನ ಪತಿಗೆ ಸಹಕಾರಿಸಲು ಮನವಿ

ಕೊಪ್ಪಳ,ಡಿ.04- ಬಾಲಕನಿಗೆ ಚಿಕಿತ್ಸೆಗಾಗಿ ನೆರವು ನೀಡುವಂತೆ ಸಾರ್ವಜನಿಕರಲ್ಲಿ ಮನವಿ ಮಾಡಲಾಗಿದೆ. 9 ವರ್ಷದ ಬಾಲಕನಿಗೆ ತೀವ್ರ ಅನಾರೋಗ್ಯ ಉಂಟಾಗಿದ್ದು, ಚಿಕಿತ್ಸೆಗೆ ಸುಮಾರು 3.5 ಲಕ್ಷ ರೂ. ಅಗತ್ಯವಿದೆ.

ಬಡ ಕುಟುಂಬದ ಬಾಲಕನಿಗೆ ನೆರವು ನೀಡಲು ಇಚ್ಛಿಸುವವರು ಈ ಕೆಳಗಿನ ಬ್ಯಾಂಕ್ ಖಾತೆಗೆ ಹಣ ಜಮಾ ಮಾಡಬಹುದು ಎಂದು ಕುಟುಂಬದವರು ಕೋರಿದ್ದಾರೆ. ಖಾತೆ ಸಂಖ್ಯೆ 13712 ಮತ್ತು ದೂರವಾಣಿ ಸಂಖ್ಯೆಯನ್ನು ಸಂಪರ್ಕಿಸಲು ತಿಳಿಸಿದ್ದಾರೆ.
